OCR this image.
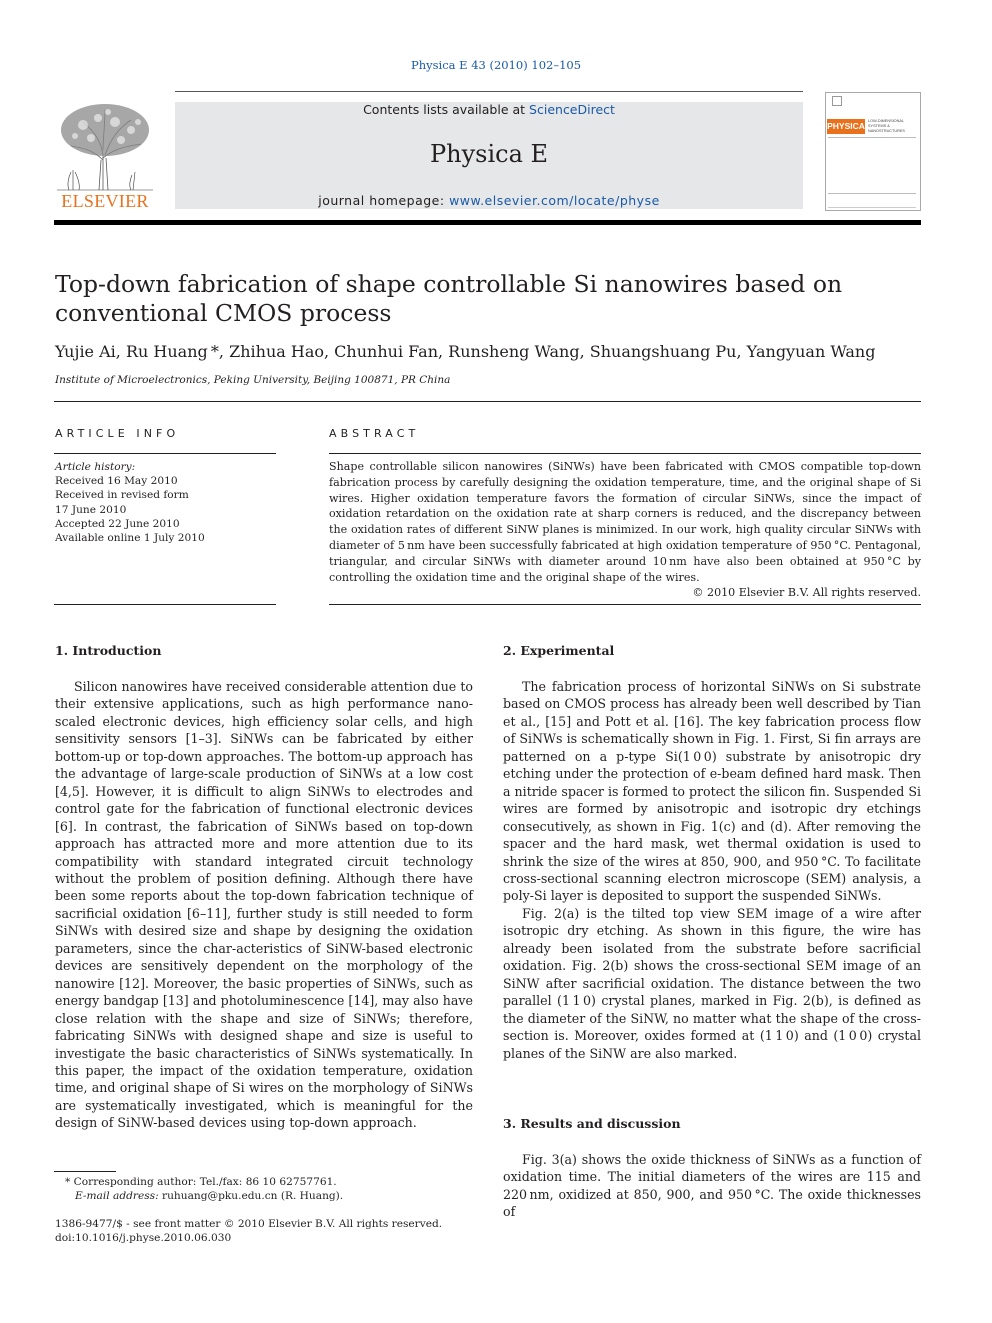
Physica E 43 (2010) 102–105
ELSEVIER
Contents lists available at ScienceDirect
Physica E
journal homepage: www.elsevier.com/locate/physe
PHYSICA LOW-DIMENSIONAL SYSTEMS & NANOSTRUCTURES
Top-down fabrication of shape controllable Si nanowires based on
conventional CMOS process
Yujie Ai, Ru Huang *, Zhihua Hao, Chunhui Fan, Runsheng Wang, Shuangshuang Pu, Yangyuan Wang
Institute of Microelectronics, Peking University, Beijing 100871, PR China
ARTICLE INFO
Article history:
Received 16 May 2010
Received in revised form
17 June 2010
Accepted 22 June 2010
Available online 1 July 2010
ABSTRACT
Shape controllable silicon nanowires (SiNWs) have been fabricated with CMOS compatible top-down fabrication process by carefully designing the oxidation temperature, time, and the original shape of Si wires. Higher oxidation temperature favors the formation of circular SiNWs, since the impact of oxidation retardation on the oxidation rate at sharp corners is reduced, and the discrepancy between the oxidation rates of different SiNW planes is minimized. In our work, high quality circular SiNWs with diameter of 5 nm have been successfully fabricated at high oxidation temperature of 950 °C. Pentagonal, triangular, and circular SiNWs with diameter around 10 nm have also been obtained at 950 °C by controlling the oxidation time and the original shape of the wires.
© 2010 Elsevier B.V. All rights reserved.
1. Introduction

Silicon nanowires have received considerable attention due to their extensive applications, such as high performance nano-scaled electronic devices, high efficiency solar cells, and high sensitivity sensors [1–3]. SiNWs can be fabricated by either bottom-up or top-down approaches. The bottom-up approach has the advantage of large-scale production of SiNWs at a low cost [4,5]. However, it is difficult to align SiNWs to electrodes and control gate for the fabrication of functional electronic devices [6]. In contrast, the fabrication of SiNWs based on top-down approach has attracted more and more attention due to its compatibility with standard integrated circuit technology without the problem of position defining. Although there have been some reports about the top-down fabrication technique of sacrificial oxidation [6–11], further study is still needed to form SiNWs with desired size and shape by designing the oxidation parameters, since the char-acteristics of SiNW-based electronic devices are sensitively dependent on the morphology of the nanowire [12]. Moreover, the basic properties of SiNWs, such as energy bandgap [13] and photoluminescence [14], may also have close relation with the shape and size of SiNWs; therefore, fabricating SiNWs with designed shape and size is useful to investigate the basic characteristics of SiNWs systematically. In this paper, the impact of the oxidation temperature, oxidation time, and original shape of Si wires on the morphology of SiNWs are systematically investigated, which is meaningful for the design of SiNW-based devices using top-down approach.

* Corresponding author: Tel./fax: 86 10 62757761.
E-mail address: ruhuang@pku.edu.cn (R. Huang).
1386-9477/$ - see front matter © 2010 Elsevier B.V. All rights reserved.
doi:10.1016/j.physe.2010.06.030
2. Experimental

The fabrication process of horizontal SiNWs on Si substrate based on CMOS process has already been well described by Tian et al., [15] and Pott et al. [16]. The key fabrication process flow of SiNWs is schematically shown in Fig. 1. First, Si fin arrays are patterned on a p-type Si(1 0 0) substrate by anisotropic dry etching under the protection of e-beam defined hard mask. Then a nitride spacer is formed to protect the silicon fin. Suspended Si wires are formed by anisotropic and isotropic dry etchings consecutively, as shown in Fig. 1(c) and (d). After removing the spacer and the hard mask, wet thermal oxidation is used to shrink the size of the wires at 850, 900, and 950 °C. To facilitate cross-sectional scanning electron microscope (SEM) analysis, a poly-Si layer is deposited to support the suspended SiNWs.

Fig. 2(a) is the tilted top view SEM image of a wire after isotropic dry etching. As shown in this figure, the wire has already been isolated from the substrate before sacrificial oxidation. Fig. 2(b) shows the cross-sectional SEM image of an SiNW after sacrificial oxidation. The distance between the two parallel (1 1 0) crystal planes, marked in Fig. 2(b), is defined as the diameter of the SiNW, no matter what the shape of the cross-section is. Moreover, oxides formed at (1 1 0) and (1 0 0) crystal planes of the SiNW are also marked.

3. Results and discussion

Fig. 3(a) shows the oxide thickness of SiNWs as a function of oxidation time. The initial diameters of the wires are 115 and 220 nm, oxidized at 850, 900, and 950 °C. The oxide thicknesses of
